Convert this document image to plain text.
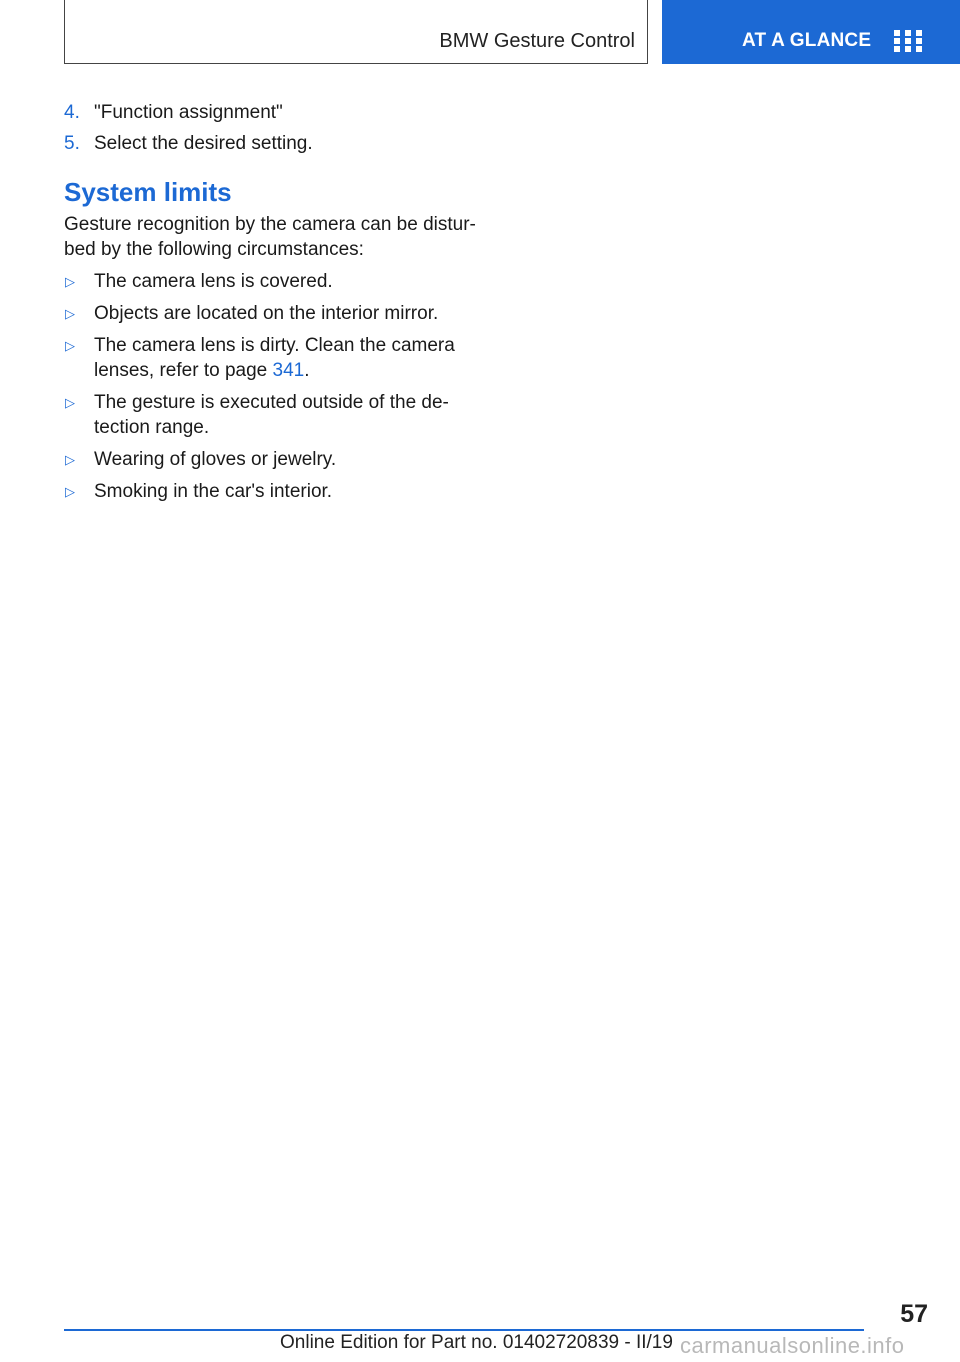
BMW Gesture Control	AT A GLANCE
4. "Function assignment"
5. Select the desired setting.
System limits
Gesture recognition by the camera can be distur‐
bed by the following circumstances:
▷	The camera lens is covered.
▷	Objects are located on the interior mirror.
▷	The camera lens is dirty. Clean the camera
lenses, refer to page 341.
▷	The gesture is executed outside of the de‐
tection range.
▷	Wearing of gloves or jewelry.
▷	Smoking in the car's interior.
57
Online Edition for Part no. 01402720839 - II/19 carmanualsonline.info
